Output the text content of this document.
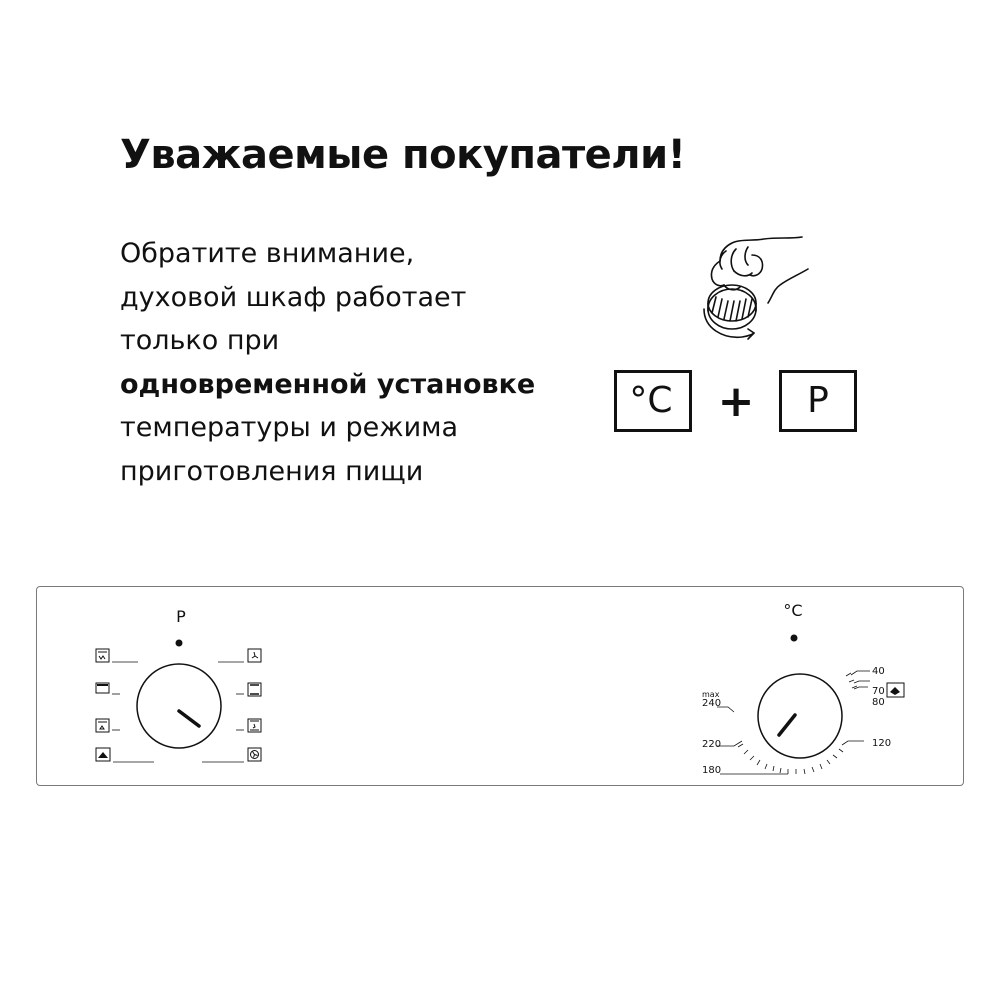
Уважаемые покупатели!
Обратите внимание,
духовой шкаф работает
только при
одновременной установке
температуры и режима
приготовления пищи
°C	+	P
P	°C
max
240
220
180
120
80
70
40
